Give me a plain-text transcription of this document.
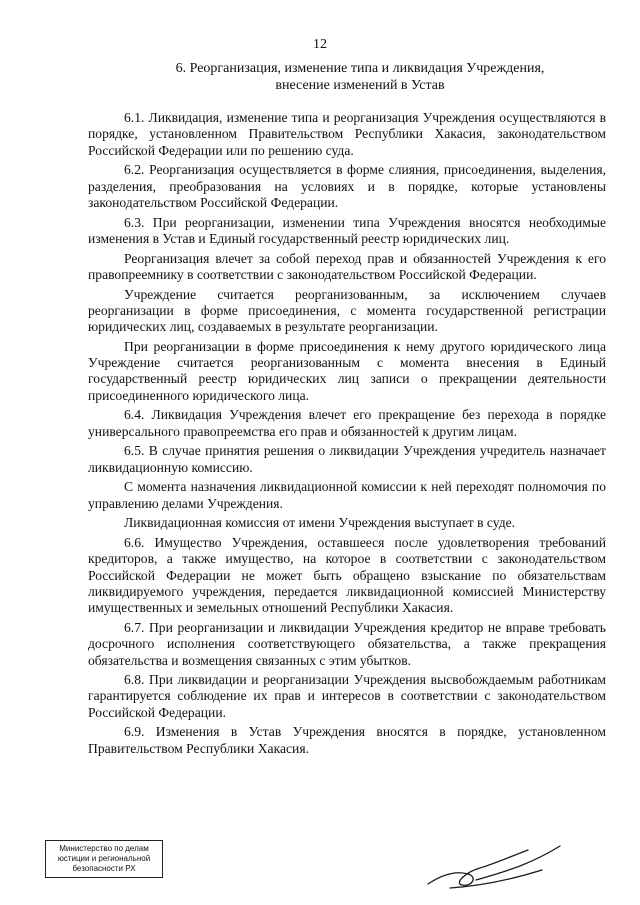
12
6. Реорганизация, изменение типа и ликвидация Учреждения,
внесение изменений в Устав

6.1. Ликвидация, изменение типа и реорганизация Учреждения осуществляются в порядке, установленном Правительством Республики Хакасия, законодательством Российской Федерации или по решению суда.

6.2. Реорганизация осуществляется в форме слияния, присоединения, выделения, разделения, преобразования на условиях и в порядке, которые установлены законодательством Российской Федерации.

6.3. При реорганизации, изменении типа Учреждения вносятся необходимые изменения в Устав и Единый государственный реестр юридических лиц.

Реорганизация влечет за собой переход прав и обязанностей Учреждения к его правопреемнику в соответствии с законодательством Российской Федерации.

Учреждение считается реорганизованным, за исключением случаев реорганизации в форме присоединения, с момента государственной регистрации юридических лиц, создаваемых в результате реорганизации.

При реорганизации в форме присоединения к нему другого юридического лица Учреждение считается реорганизованным с момента внесения в Единый государственный реестр юридических лиц записи о прекращении деятельности присоединенного юридического лица.

6.4. Ликвидация Учреждения влечет его прекращение без перехода в порядке универсального правопреемства его прав и обязанностей к другим лицам.

6.5. В случае принятия решения о ликвидации Учреждения учредитель назначает ликвидационную комиссию.

С момента назначения ликвидационной комиссии к ней переходят полномочия по управлению делами Учреждения.

Ликвидационная комиссия от имени Учреждения выступает в суде.

6.6. Имущество Учреждения, оставшееся после удовлетворения требований кредиторов, а также имущество, на которое в соответствии с законодательством Российской Федерации не может быть обращено взыскание по обязательствам ликвидируемого учреждения, передается ликвидационной комиссией Министерству имущественных и земельных отношений Республики Хакасия.

6.7. При реорганизации и ликвидации Учреждения кредитор не вправе требовать досрочного исполнения соответствующего обязательства, а также прекращения обязательства и возмещения связанных с этим убытков.

6.8. При ликвидации и реорганизации Учреждения высвобождаемым работникам гарантируется соблюдение их прав и интересов в соответствии с законодательством Российской Федерации.

6.9. Изменения в Устав Учреждения вносятся в порядке, установленном Правительством Республики Хакасия.

Министерство по делам
юстиции и региональной
безопасности РХ
